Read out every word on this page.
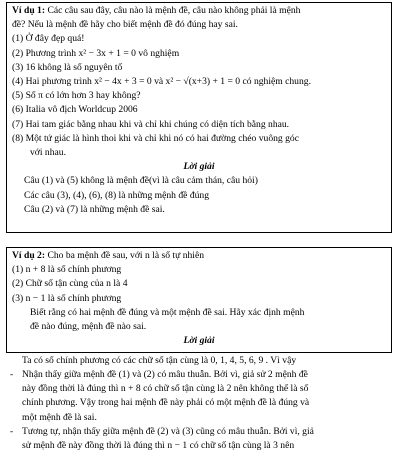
Ví dụ 1: Các câu sau đây, câu nào là mệnh đề, câu nào không phải là mệnh
đề? Nếu là mệnh đề hãy cho biết mệnh đề đó đúng hay sai.
(1) Ở đây đẹp quá!
(2) Phương trình x² − 3x + 1 = 0 vô nghiệm
(3) 16 không là số nguyên tố
(4) Hai phương trình x² − 4x + 3 = 0 và x² − √(x+3) + 1 = 0 có nghiệm chung.
(5) Số π có lớn hơn 3 hay không?
(6) Italia vô địch Worldcup 2006
(7) Hai tam giác bằng nhau khi và chỉ khi chúng có diện tích bằng nhau.
(8) Một tứ giác là hình thoi khi và chỉ khi nó có hai đường chéo vuông góc
với nhau.
Lời giải
Câu (1) và (5) không là mệnh đề(vì là câu cảm thán, câu hỏi)
Các câu (3), (4), (6), (8) là những mệnh đề đúng
Câu (2) và (7) là những mệnh đề sai.
Ví dụ 2: Cho ba mệnh đề sau, với n là số tự nhiên
(1) n + 8 là số chính phương
(2) Chữ số tận cùng của n là 4
(3) n − 1 là số chính phương
Biết rằng có hai mệnh đề đúng và một mệnh đề sai. Hãy xác định mệnh
đề nào đúng, mệnh đề nào sai.
Lời giải
Ta có số chính phương có các chữ số tận cùng là 0, 1, 4, 5, 6, 9 . Vì vậy
- Nhận thấy giữa mệnh đề (1) và (2) có mâu thuẫn. Bởi vì, giả sử 2 mệnh đề
này đồng thời là đúng thì n + 8 có chữ số tận cùng là 2 nên không thể là số
chính phương. Vậy trong hai mệnh đề này phải có một mệnh đề là đúng và
một mệnh đề là sai.
- Tương tự, nhận thấy giữa mệnh đề (2) và (3) cũng có mâu thuẫn. Bởi vì, giả
sử mệnh đề này đồng thời là đúng thì n − 1 có chữ số tận cùng là 3 nên
